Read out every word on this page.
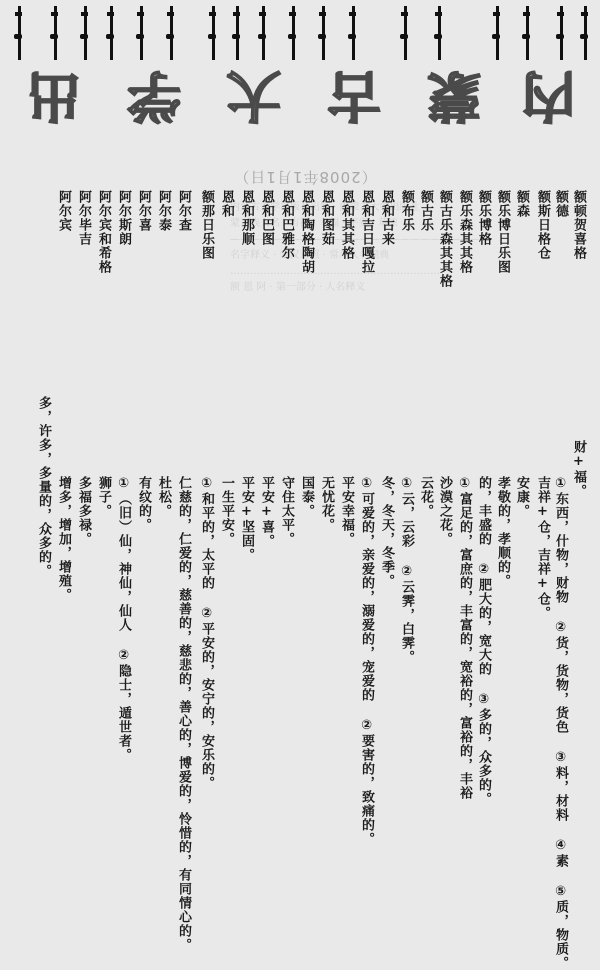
内蒙古大学出版社出版 · 内蒙古大学出版社
蒙古族人名 · 吉祥 · 幸福 · 平安 · 草原
——————————————————————————
名字释义 · 蒙汉对照 · 常用人名词典
………………………………………………………
额 恩 阿 · 第一部分 · 人名释义
内
蒙
古
大
学
出
（2008年1月1日）
额顿贺喜格
财+福。
额德
①东西，什物，财物 ②货，货物，货色 ③料，材料 ④素 ⑤质，物质。
额斯日格仓
吉祥+仓，吉祥+仓。
额森
安康。
额乐博日乐图
孝敬的，孝顺的。
额乐博格
的，丰盛的 ②肥大的，宽大的 ③多的，众多的。
额乐森其其格
①富足的，富庶的，丰富的，宽裕的，富裕的，丰裕
额古乐森其其格
沙漠之花。
额古乐
云花。
额布乐
①云，云彩 ②云霁，白霁。
恩和古来
冬，冬天，冬季。
恩和吉日嘎拉
①可爱的，亲爱的，溺爱的，宠爱的 ②要害的，致痛的。
恩和其其格
平安幸福。
恩和图茹
无忧花。
恩和陶格陶胡
国泰。
恩和巴雅尔
守住太平。
恩和巴图
平安+喜。
恩和那顺
平安+坚固。
恩和
一生平安。
额那日乐图
①和平的，太平的 ②平安的，安宁的，安乐的。
阿尔查
仁慈的，仁爱的，慈善的，慈悲的，善心的，博爱的，怜惜的，有同情心的。
阿尔泰
杜松。
阿尔喜
有纹的。
阿尔斯朗
①（旧）仙，神仙，仙人 ②隐士，遁世者。
阿尔宾和希格
狮子。
阿尔毕吉
多福多禄。
阿尔宾
增多，增加，增殖。
多，许多，多量的，众多的。
